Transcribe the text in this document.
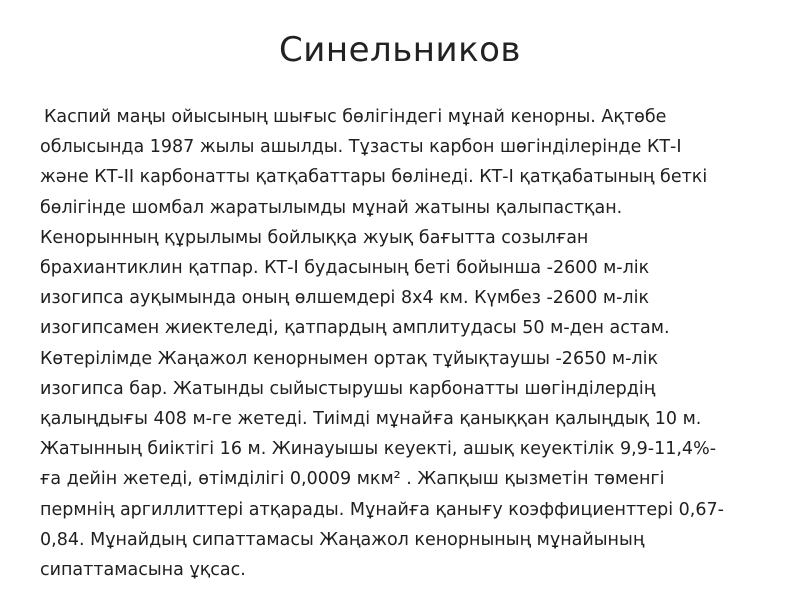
Синельников
Каспий маңы ойысының шығыс бөлігіндегі мұнай кенорны. Ақтөбе
облысында 1987 жылы ашылды. Тұзасты карбон шөгінділерінде КТ-I
және КТ-II карбонатты қатқабаттары бөлінеді. КТ-I қатқабатының беткі
бөлігінде шомбал жаратылымды мұнай жатыны қалыпастқан.
Кенорынның құрылымы бойлыққа жуық бағытта созылған
брахиантиклин қатпар. КТ-I будасының беті бойынша -2600 м-лік
изогипса ауқымында оның өлшемдері 8х4 км. Күмбез -2600 м-лік
изогипсамен жиектеледі, қатпардың амплитудасы 50 м-ден астам.
Көтерілімде Жаңажол кенорнымен ортақ тұйықтаушы -2650 м-лік
изогипса бар. Жатынды сыйыстырушы карбонатты шөгінділердің
қалыңдығы 408 м-ге жетеді. Тиімді мұнайға қаныққан қалыңдық 10 м.
Жатынның биіктігі 16 м. Жинауышы кеуекті, ашық кеуектілік 9,9-11,4%-
ға дейін жетеді, өтімділігі 0,0009 мкм² . Жапқыш қызметін төменгі
пермнің аргиллиттері атқарады. Мұнайға қанығу коэффициенттері 0,67-
0,84. Мұнайдың сипаттамасы Жаңажол кенорнының мұнайының
сипаттамасына ұқсас.
